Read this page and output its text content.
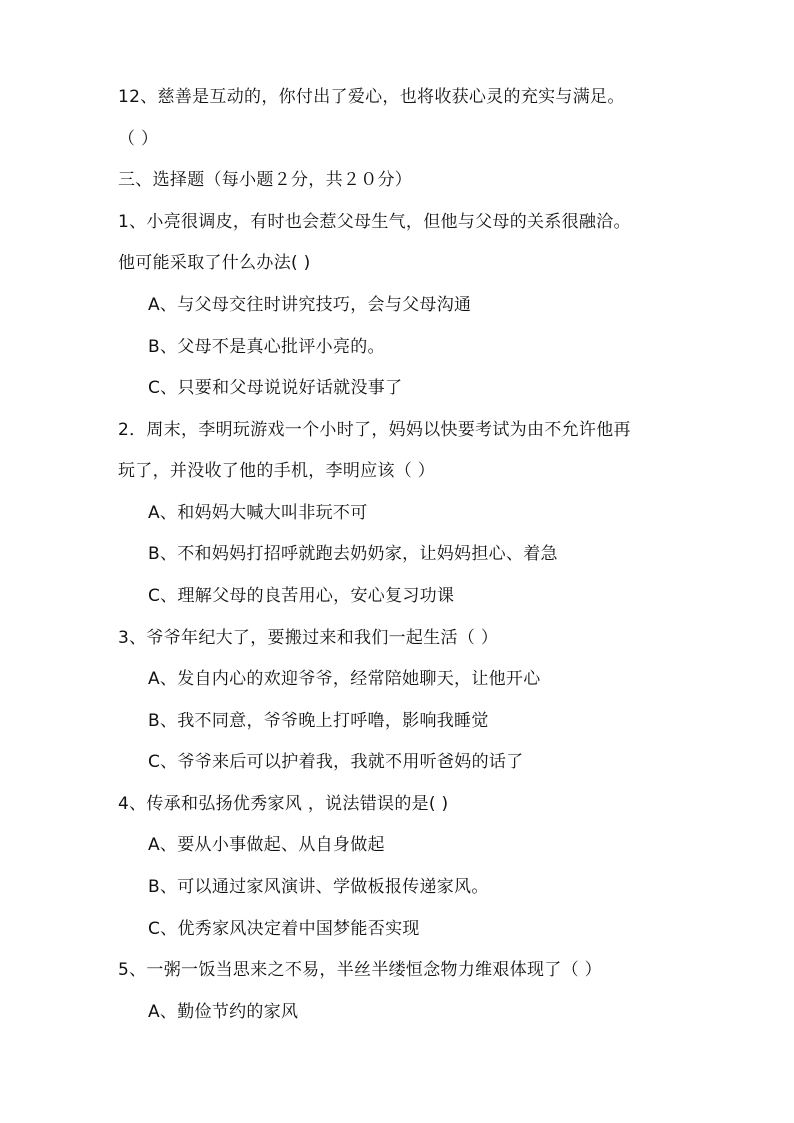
12、慈善是互动的，你付出了爱心，也将收获心灵的充实与满足。
（ ）
三、选择题（每小题２分，共２０分）
1、小亮很调皮，有时也会惹父母生气，但他与父母的关系很融洽。
他可能采取了什么办法( )
A、与父母交往时讲究技巧，会与父母沟通
B、父母不是真心批评小亮的。
C、只要和父母说说好话就没事了
2．周末，李明玩游戏一个小时了，妈妈以快要考试为由不允许他再
玩了，并没收了他的手机，李明应该（ ）
A、和妈妈大喊大叫非玩不可
B、不和妈妈打招呼就跑去奶奶家，让妈妈担心、着急
C、理解父母的良苦用心，安心复习功课
3、爷爷年纪大了，要搬过来和我们一起生活（ ）
A、发自内心的欢迎爷爷，经常陪她聊天，让他开心
B、我不同意，爷爷晚上打呼噜，影响我睡觉
C、爷爷来后可以护着我，我就不用听爸妈的话了
4、传承和弘扬优秀家风 ，说法错误的是( )
A、要从小事做起、从自身做起
B、可以通过家风演讲、学做板报传递家风。
C、优秀家风决定着中国梦能否实现
5、一粥一饭当思来之不易，半丝半缕恒念物力维艰体现了（ ）
A、勤俭节约的家风
